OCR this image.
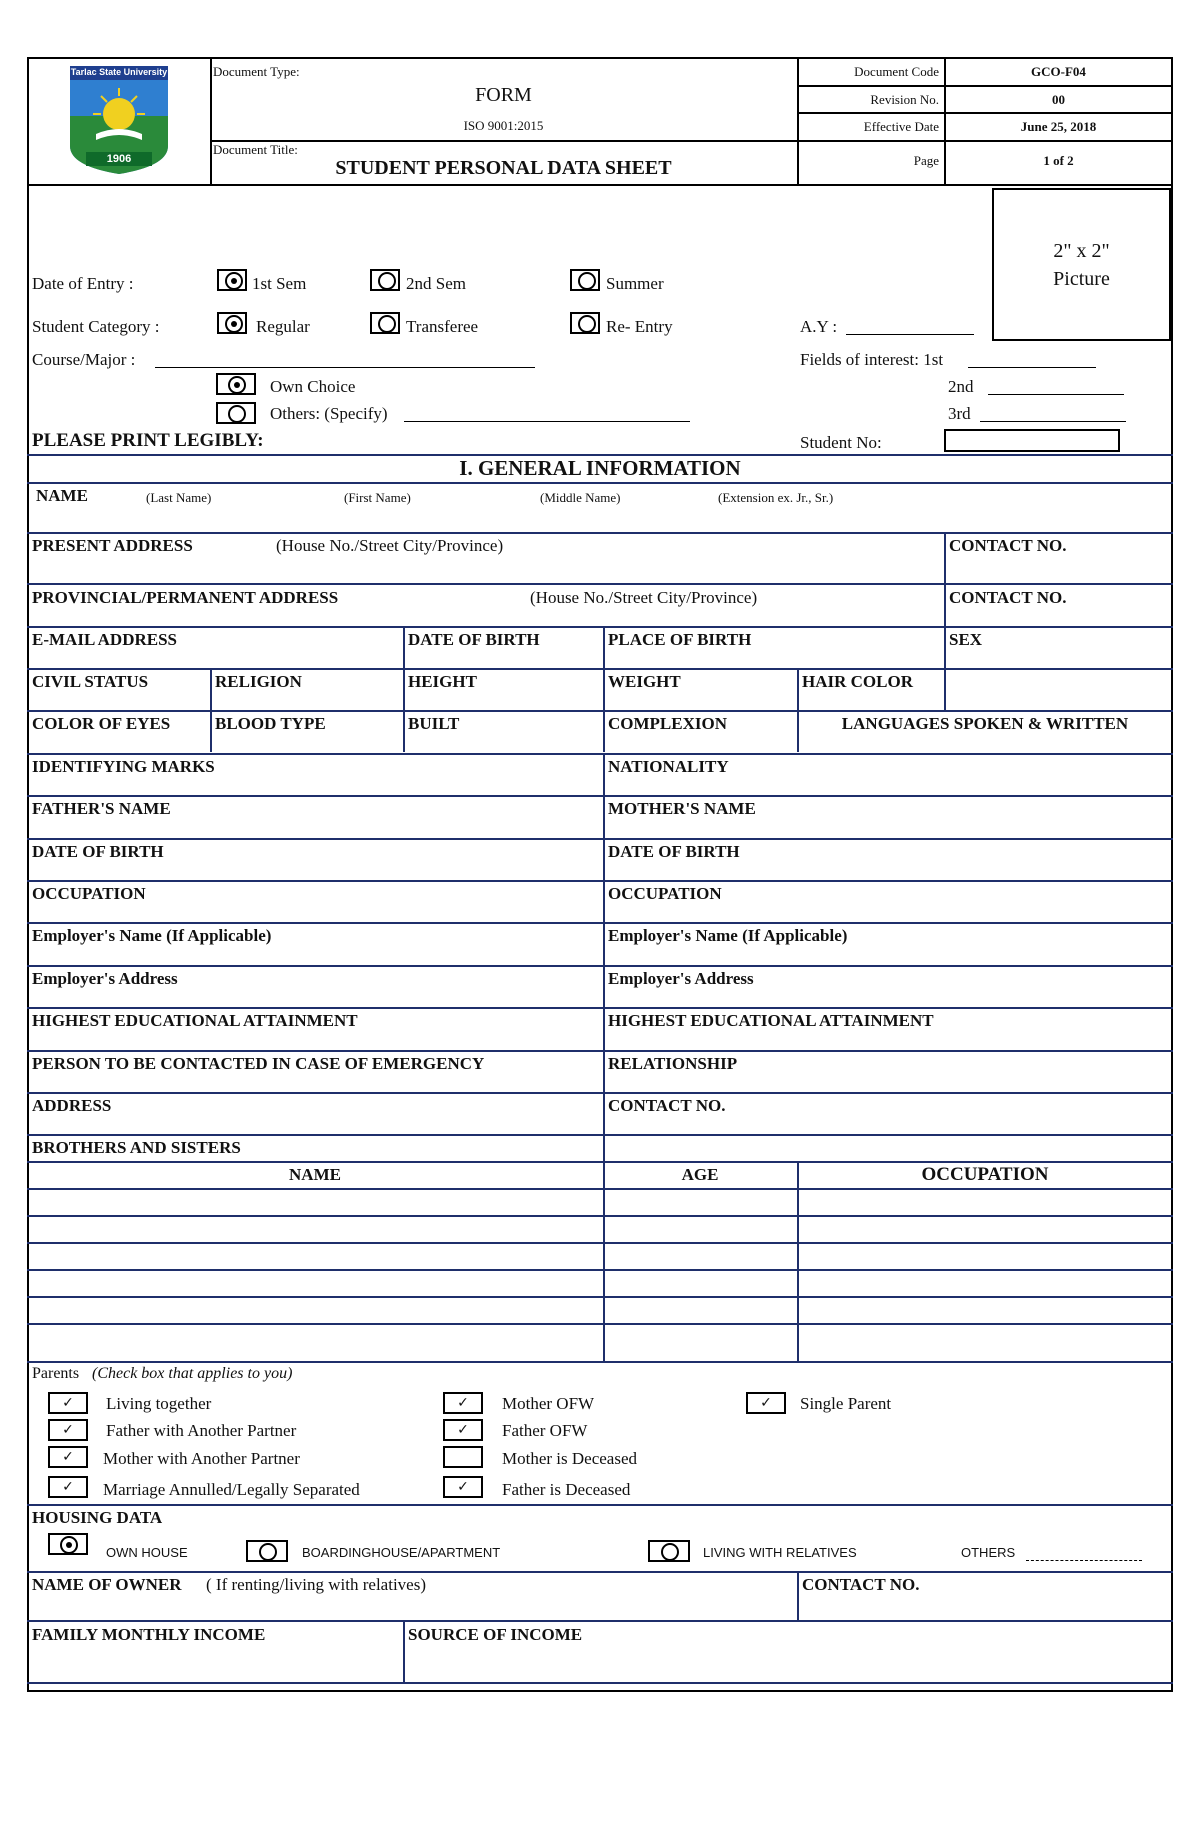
Tarlac State University
1906
Document Type:
FORM
ISO 9001:2015
Document Title:
STUDENT PERSONAL DATA SHEET
Document Code	GCO-F04
Revision No.	00
Effective Date	June 25, 2018
Page	1 of 2
2" x 2"
Picture
Date of Entry :	1st Sem	2nd Sem	Summer
Student Category :	Regular	Transferee	Re- Entry	A.Y :
Course/Major :	Fields of interest: 1st
Own Choice	2nd
Others: (Specify)	3rd
PLEASE PRINT LEGIBLY:	Student No:
I. GENERAL INFORMATION
NAME	(Last Name)	(First Name)	(Middle Name)	(Extension ex. Jr., Sr.)
PRESENT ADDRESS	(House No./Street City/Province)	CONTACT NO.
PROVINCIAL/PERMANENT ADDRESS	(House No./Street City/Province)	CONTACT NO.
E-MAIL ADDRESS	DATE OF BIRTH	PLACE OF BIRTH	SEX
CIVIL STATUS	RELIGION	HEIGHT	WEIGHT	HAIR COLOR
COLOR OF EYES	BLOOD TYPE	BUILT	COMPLEXION	LANGUAGES SPOKEN & WRITTEN
IDENTIFYING MARKS	NATIONALITY
FATHER'S NAME	MOTHER'S NAME
DATE OF BIRTH	DATE OF BIRTH
OCCUPATION	OCCUPATION
Employer's Name (If Applicable)	Employer's Name (If Applicable)
Employer's Address	Employer's Address
HIGHEST EDUCATIONAL ATTAINMENT	HIGHEST EDUCATIONAL ATTAINMENT
PERSON TO BE CONTACTED IN CASE OF EMERGENCY	RELATIONSHIP
ADDRESS	CONTACT NO.
BROTHERS AND SISTERS
NAME	AGE	OCCUPATION
Parents (Check box that applies to you)
✓	Living together
✓	Father with Another Partner
✓	Mother with Another Partner
✓	Marriage Annulled/Legally Separated
✓	Mother OFW
✓	Father OFW
Mother is Deceased
✓	Father is Deceased
✓	Single Parent
HOUSING DATA
OWN HOUSE	BOARDINGHOUSE/APARTMENT	LIVING WITH RELATIVES	OTHERS
NAME OF OWNER ( If renting/living with relatives)	CONTACT NO.
FAMILY MONTHLY INCOME	SOURCE OF INCOME
